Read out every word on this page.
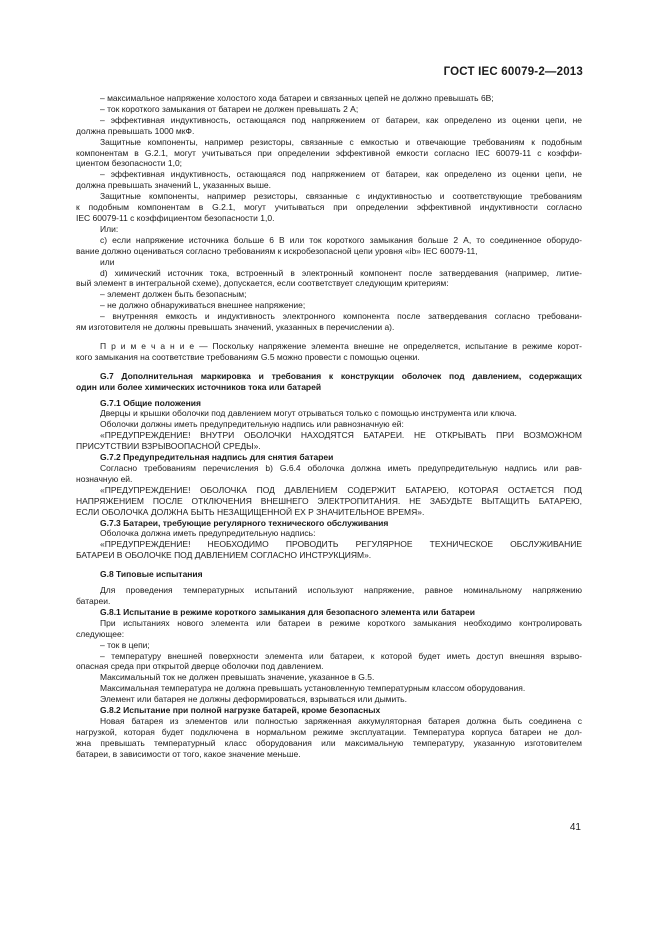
ГОСТ IEC 60079-2—2013
– максимальное напряжение холостого хода батареи и связанных цепей не должно превышать 6В;
– ток короткого замыкания от батареи не должен превышать 2 А;
– эффективная индуктивность, остающаяся под напряжением от батареи, как определено из оценки цепи, не
должна превышать 1000 мкФ.
Защитные компоненты, например резисторы, связанные с емкостью и отвечающие требованиям к подобным
компонентам в G.2.1, могут учитываться при определении эффективной емкости согласно IEC 60079-11 с коэффи-
циентом безопасности 1,0;
– эффективная индуктивность, остающаяся под напряжением от батареи, как определено из оценки цепи, не
должна превышать значений L, указанных выше.
Защитные компоненты, например резисторы, связанные с индуктивностью и соответствующие требованиям
к подобным компонентам в G.2.1, могут учитываться при определении эффективной индуктивности согласно
IEC 60079-11 с коэффициентом безопасности 1,0.
Или:
c) если напряжение источника больше 6 В или ток короткого замыкания больше 2 А, то соединенное оборудо-
вание должно оцениваться согласно требованиям к искробезопасной цепи уровня «ib» IEC 60079-11,
или
d) химический источник тока, встроенный в электронный компонент после затвердевания (например, литие-
вый элемент в интегральной схеме), допускается, если соответствует следующим критериям:
– элемент должен быть безопасным;
– не должно обнаруживаться внешнее напряжение;
– внутренняя емкость и индуктивность электронного компонента после затвердевания согласно требовани-
ям изготовителя не должны превышать значений, указанных в перечислении а).
П р и м е ч а н и е — Поскольку напряжение элемента внешне не определяется, испытание в режиме корот-
кого замыкания на соответствие требованиям G.5 можно провести с помощью оценки.
G.7 Дополнительная маркировка и требования к конструкции оболочек под давлением, содержащих
один или более химических источников тока или батарей
G.7.1 Общие положения
Дверцы и крышки оболочки под давлением могут отрываться только с помощью инструмента или ключа.
Оболочки должны иметь предупредительную надпись или равнозначную ей:
«ПРЕДУПРЕЖДЕНИЕ! ВНУТРИ ОБОЛОЧКИ НАХОДЯТСЯ БАТАРЕИ. НЕ ОТКРЫВАТЬ ПРИ ВОЗМОЖНОМ
ПРИСУТСТВИИ ВЗРЫВООПАСНОЙ СРЕДЫ».
G.7.2 Предупредительная надпись для снятия батареи
Согласно требованиям перечисления b) G.6.4 оболочка должна иметь предупредительную надпись или рав-
нозначную ей.
«ПРЕДУПРЕЖДЕНИЕ! ОБОЛОЧКА ПОД ДАВЛЕНИЕМ СОДЕРЖИТ БАТАРЕЮ, КОТОРАЯ ОСТАЕТСЯ ПОД
НАПРЯЖЕНИЕМ ПОСЛЕ ОТКЛЮЧЕНИЯ ВНЕШНЕГО ЭЛЕКТРОПИТАНИЯ. НЕ ЗАБУДЬТЕ ВЫТАЩИТЬ БАТАРЕЮ,
ЕСЛИ ОБОЛОЧКА ДОЛЖНА БЫТЬ НЕЗАЩИЩЕННОЙ ЕХ Р ЗНАЧИТЕЛЬНОЕ ВРЕМЯ».
G.7.3 Батареи, требующие регулярного технического обслуживания
Оболочка должна иметь предупредительную надпись:
«ПРЕДУПРЕЖДЕНИЕ! НЕОБХОДИМО ПРОВОДИТЬ РЕГУЛЯРНОЕ ТЕХНИЧЕСКОЕ ОБСЛУЖИВАНИЕ
БАТАРЕИ В ОБОЛОЧКЕ ПОД ДАВЛЕНИЕМ СОГЛАСНО ИНСТРУКЦИЯМ».
G.8 Типовые испытания
Для проведения температурных испытаний используют напряжение, равное номинальному напряжению
батареи.
G.8.1 Испытание в режиме короткого замыкания для безопасного элемента или батареи
При испытаниях нового элемента или батареи в режиме короткого замыкания необходимо контролировать
следующее:
– ток в цепи;
– температуру внешней поверхности элемента или батареи, к которой будет иметь доступ внешняя взрыво-
опасная среда при открытой дверце оболочки под давлением.
Максимальный ток не должен превышать значение, указанное в G.5.
Максимальная температура не должна превышать установленную температурным классом оборудования.
Элемент или батарея не должны деформироваться, взрываться или дымить.
G.8.2 Испытание при полной нагрузке батарей, кроме безопасных
Новая батарея из элементов или полностью заряженная аккумуляторная батарея должна быть соединена с
нагрузкой, которая будет подключена в нормальном режиме эксплуатации. Температура корпуса батареи не дол-
жна превышать температурный класс оборудования или максимальную температуру, указанную изготовителем
батареи, в зависимости от того, какое значение меньше.
41
